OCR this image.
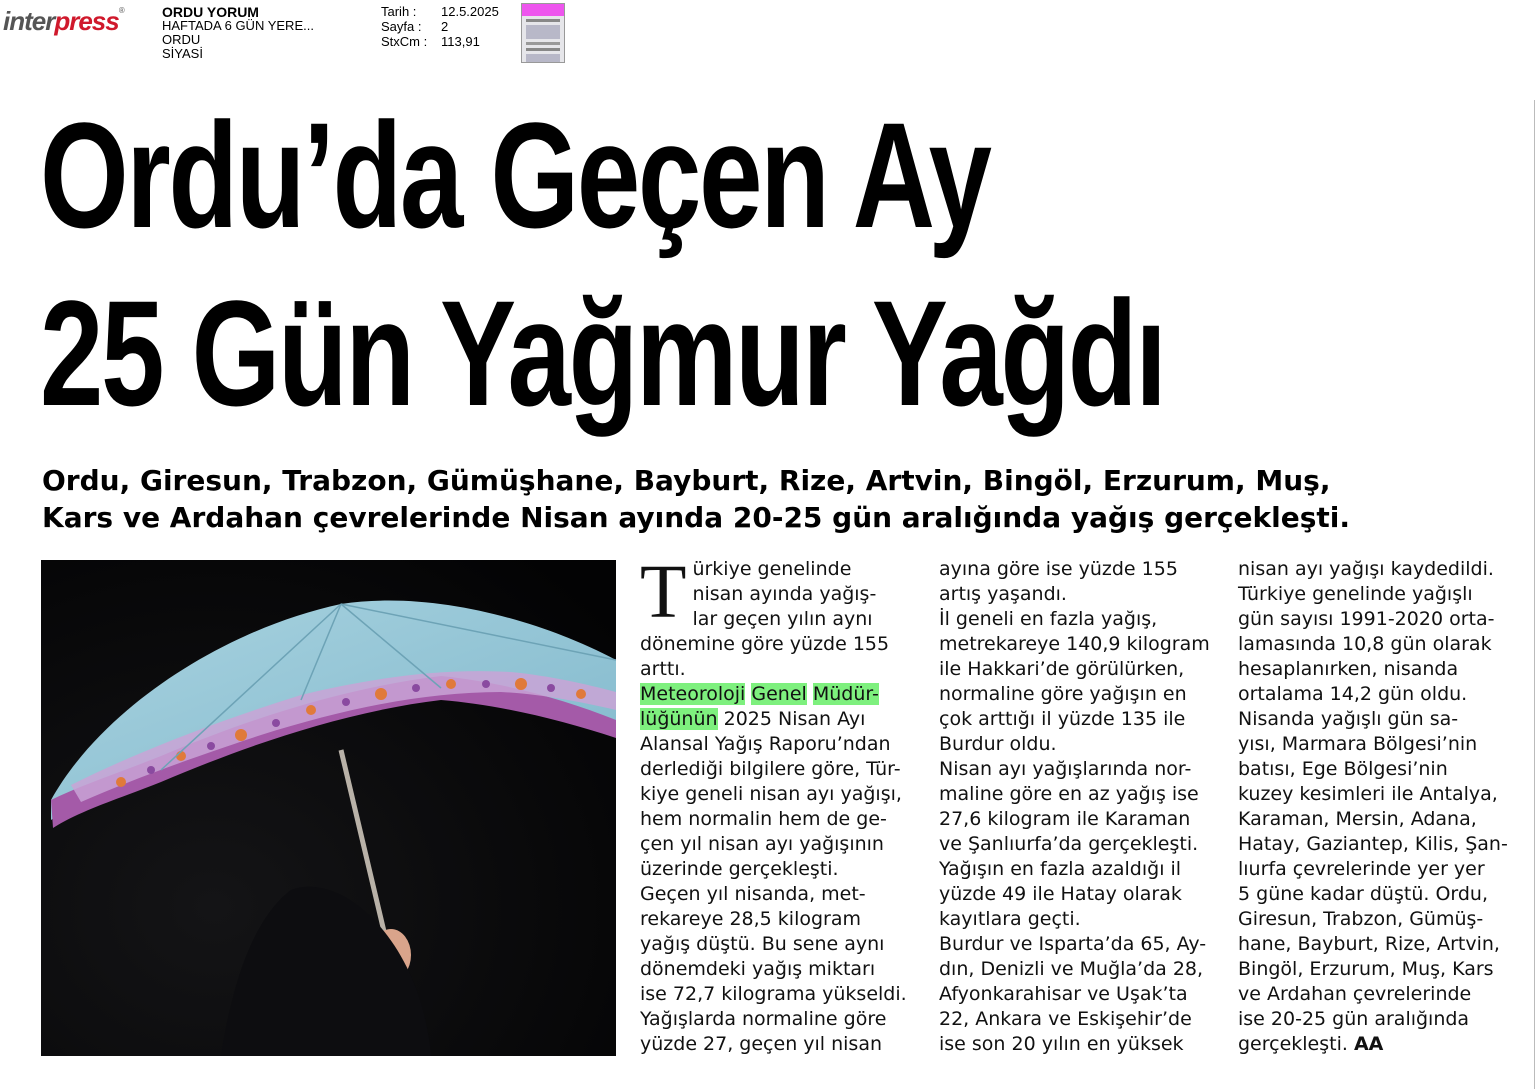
interpress®	ORDU YORUM
HAFTADA 6 GÜN YERE...
ORDU
SİYASİ
Tarih :	12.5.2025
Sayfa :	2
StxCm :	113,91
Ordu’da Geçen Ay
25 Gün Yağmur Yağdı
Ordu, Giresun, Trabzon, Gümüşhane, Bayburt, Rize, Artvin, Bingöl, Erzurum, Muş,
Kars ve Ardahan çevrelerinde Nisan ayında 20-25 gün aralığında yağış gerçekleşti.
T ürkiye genelinde
nisan ayında yağış-
lar geçen yılın aynı
dönemine göre yüzde 155
arttı.
Meteoroloji Genel Müdür-
lüğünün 2025 Nisan Ayı
Alansal Yağış Raporu’ndan
derlediği bilgilere göre, Tür-
kiye geneli nisan ayı yağışı,
hem normalin hem de ge-
çen yıl nisan ayı yağışının
üzerinde gerçekleşti.
Geçen yıl nisanda, met-
rekareye 28,5 kilogram
yağış düştü. Bu sene aynı
dönemdeki yağış miktarı
ise 72,7 kilograma yükseldi.
Yağışlarda normaline göre
yüzde 27, geçen yıl nisan
ayına göre ise yüzde 155
artış yaşandı.
İl geneli en fazla yağış,
metrekareye 140,9 kilogram
ile Hakkari’de görülürken,
normaline göre yağışın en
çok arttığı il yüzde 135 ile
Burdur oldu.
Nisan ayı yağışlarında nor-
maline göre en az yağış ise
27,6 kilogram ile Karaman
ve Şanlıurfa’da gerçekleşti.
Yağışın en fazla azaldığı il
yüzde 49 ile Hatay olarak
kayıtlara geçti.
Burdur ve Isparta’da 65, Ay-
dın, Denizli ve Muğla’da 28,
Afyonkarahisar ve Uşak’ta
22, Ankara ve Eskişehir’de
ise son 20 yılın en yüksek
nisan ayı yağışı kaydedildi.
Türkiye genelinde yağışlı
gün sayısı 1991-2020 orta-
lamasında 10,8 gün olarak
hesaplanırken, nisanda
ortalama 14,2 gün oldu.
Nisanda yağışlı gün sa-
yısı, Marmara Bölgesi’nin
batısı, Ege Bölgesi’nin
kuzey kesimleri ile Antalya,
Karaman, Mersin, Adana,
Hatay, Gaziantep, Kilis, Şan-
lıurfa çevrelerinde yer yer
5 güne kadar düştü. Ordu,
Giresun, Trabzon, Gümüş-
hane, Bayburt, Rize, Artvin,
Bingöl, Erzurum, Muş, Kars
ve Ardahan çevrelerinde
ise 20-25 gün aralığında
gerçekleşti. AA
